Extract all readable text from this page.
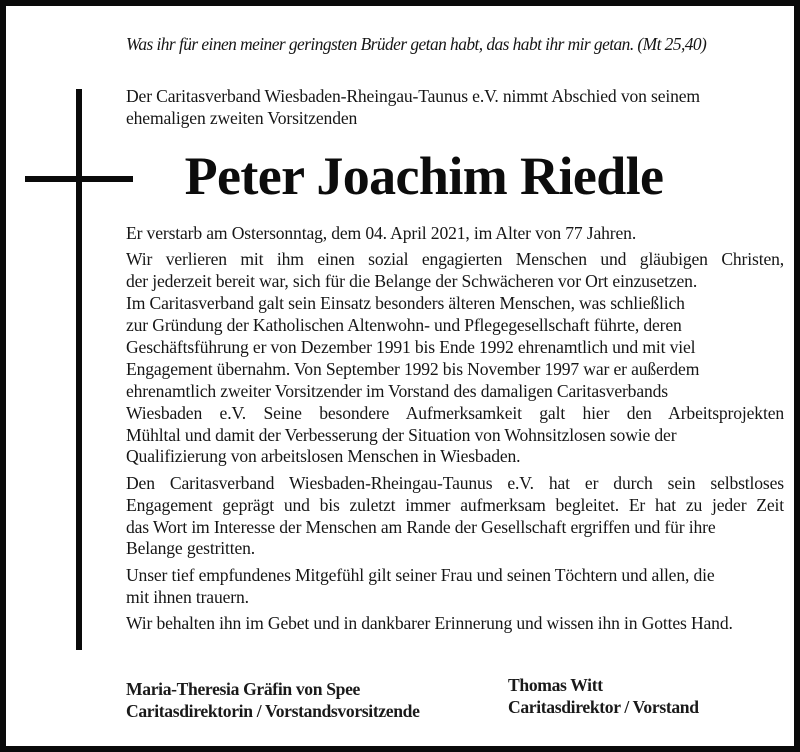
Was ihr für einen meiner geringsten Brüder getan habt, das habt ihr mir getan. (Mt 25,40)
Der Caritasverband Wiesbaden-Rheingau-Taunus e.V. nimmt Abschied von seinem
ehemaligen zweiten Vorsitzenden
Peter Joachim Riedle
Er verstarb am Ostersonntag, dem 04. April 2021, im Alter von 77 Jahren.
Wir verlieren mit ihm einen sozial engagierten Menschen und gläubigen Christen,
der jederzeit bereit war, sich für die Belange der Schwächeren vor Ort einzusetzen.
Im Caritasverband galt sein Einsatz besonders älteren Menschen, was schließlich
zur Gründung der Katholischen Altenwohn- und Pflegegesellschaft führte, deren
Geschäftsführung er von Dezember 1991 bis Ende 1992 ehrenamtlich und mit viel
Engagement übernahm. Von September 1992 bis November 1997 war er außerdem
ehrenamtlich zweiter Vorsitzender im Vorstand des damaligen Caritasverbands
Wiesbaden e.V. Seine besondere Aufmerksamkeit galt hier den Arbeitsprojekten
Mühltal und damit der Verbesserung der Situation von Wohnsitzlosen sowie der
Qualifizierung von arbeitslosen Menschen in Wiesbaden.
Den Caritasverband Wiesbaden-Rheingau-Taunus e.V. hat er durch sein selbstloses
Engagement geprägt und bis zuletzt immer aufmerksam begleitet. Er hat zu jeder Zeit
das Wort im Interesse der Menschen am Rande der Gesellschaft ergriffen und für ihre
Belange gestritten.
Unser tief empfundenes Mitgefühl gilt seiner Frau und seinen Töchtern und allen, die
mit ihnen trauern.
Wir behalten ihn im Gebet und in dankbarer Erinnerung und wissen ihn in Gottes Hand.
Maria-Theresia Gräfin von Spee
Caritasdirektorin / Vorstandsvorsitzende
Thomas Witt
Caritasdirektor / Vorstand
